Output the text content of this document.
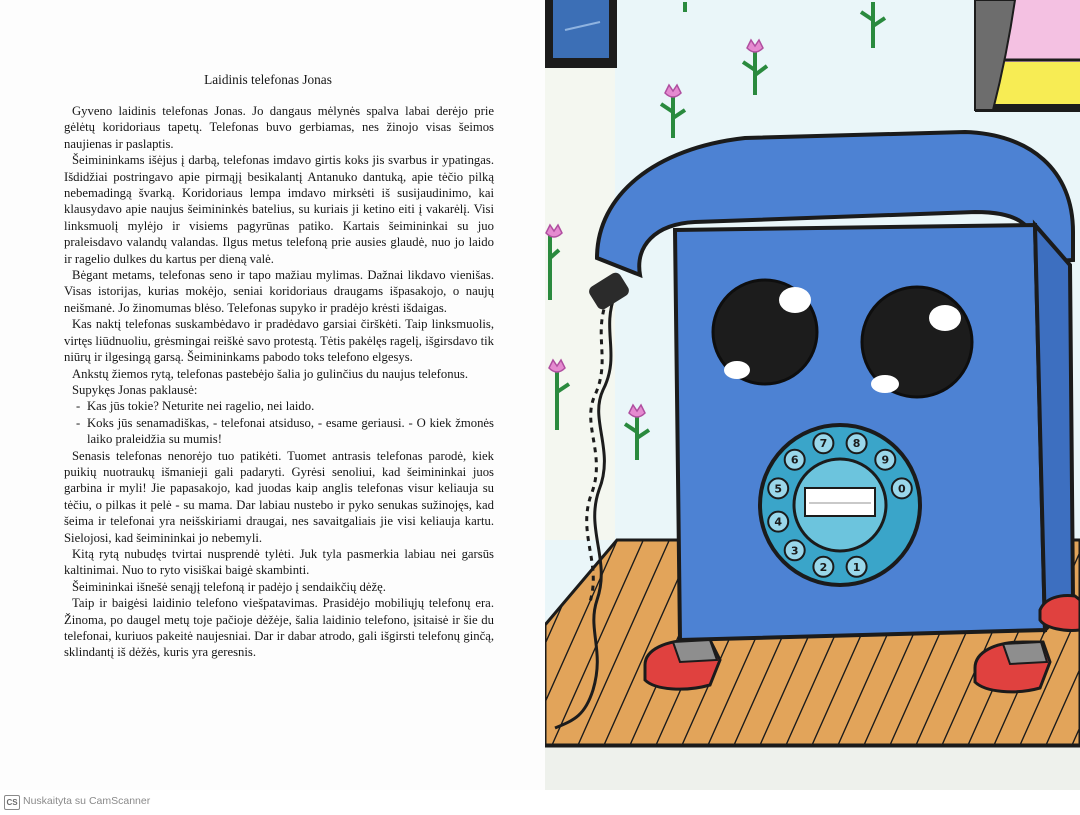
Laidinis telefonas Jonas

Gyveno laidinis telefonas Jonas. Jo dangaus mėlynės spalva labai derėjo prie gėlėtų koridoriaus tapetų. Telefonas buvo gerbiamas, nes žinojo visas šeimos naujienas ir paslaptis.

Šeimininkams išėjus į darbą, telefonas imdavo girtis koks jis svarbus ir ypatingas. Išdidžiai postringavo apie pirmąjį besikalantį Antanuko dantuką, apie tėčio pilką nebemadingą švarką. Koridoriaus lempa imdavo mirksėti iš susijaudinimo, kai klausydavo apie naujus šeimininkės batelius, su kuriais ji ketino eiti į vakarėlį. Visi linksmuolį mylėjo ir visiems pagyrūnas patiko. Kartais šeimininkai su juo praleisdavo valandų valandas. Ilgus metus telefoną prie ausies glaudė, nuo jo laido ir ragelio dulkes du kartus per dieną valė.

Bėgant metams, telefonas seno ir tapo mažiau mylimas. Dažnai likdavo vienišas. Visas istorijas, kurias mokėjo, seniai koridoriaus draugams išpasakojo, o naujų neišmanė. Jo žinomumas blėso. Telefonas supyko ir pradėjo krėsti išdaigas.

Kas naktį telefonas suskambėdavo ir pradėdavo garsiai čirškėti. Taip linksmuolis, virtęs liūdnuoliu, grėsmingai reiškė savo protestą. Tėtis pakėlęs ragelį, išgirsdavo tik niūrų ir ilgesingą garsą. Šeimininkams pabodo toks telefono elgesys.

Ankstų žiemos rytą, telefonas pastebėjo šalia jo gulinčius du naujus telefonus.

Supykęs Jonas paklausė:

- Kas jūs tokie? Neturite nei ragelio, nei laido.
- Koks jūs senamadiškas, - telefonai atsiduso, - esame geriausi. - O kiek žmonės laiko praleidžia su mumis!

Senasis telefonas nenorėjo tuo patikėti. Tuomet antrasis telefonas parodė, kiek puikių nuotraukų išmanieji gali padaryti. Gyrėsi senoliui, kad šeimininkai juos garbina ir myli! Jie papasakojo, kad juodas kaip anglis telefonas visur keliauja su tėčiu, o pilkas it pelė - su mama. Dar labiau nustebo ir pyko senukas sužinojęs, kad šeima ir telefonai yra neišskiriami draugai, nes savaitgaliais jie visi keliauja kartu. Sielojosi, kad šeimininkai jo nebemyli.

Kitą rytą nubudęs tvirtai nusprendė tylėti. Juk tyla pasmerkia labiau nei garsūs kaltinimai. Nuo to ryto visiškai baigė skambinti.

Šeimininkai išnešė senąjį telefoną ir padėjo į sendaikčių dėžę.

Taip ir baigėsi laidinio telefono viešpatavimas. Prasidėjo mobiliųjų telefonų era. Žinoma, po daugel metų toje pačioje dėžėje, šalia laidinio telefono, įsitaisė ir šie du telefonai, kuriuos pakeitė naujesniai. Dar ir dabar atrodo, gali išgirsti telefonų ginčą, sklindantį iš dėžės, kuris yra geresnis.

1
2
3
4
5
6
7 8
9
0
CS Nuskaityta su CamScanner
